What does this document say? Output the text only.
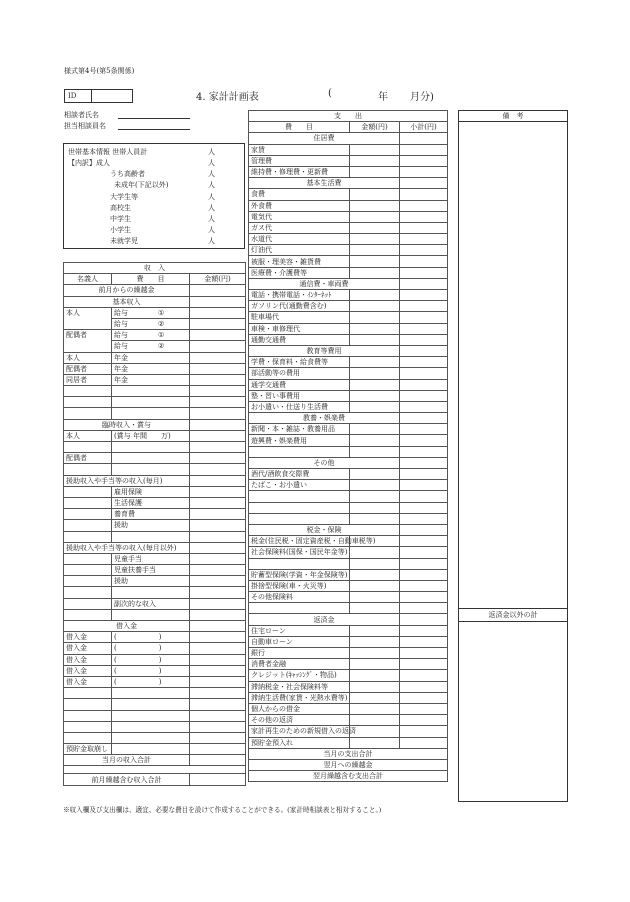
様式第4号(第5条関係)
ID	4. 家計計画表	(	年 月分)
相談者氏名
担当相談員名
世帯基本情報 世帯人員計	人
【内訳】成人	人
うち高齢者	人
未成年(下記以外)	人
大学生等	人
高校生	人
中学生	人
小学生	人
未就学児	人
収　入		
名義人	費　　目	金額(円)
前月からの繰越金		
基本収入		
本人	給与 ①	

	給与 ②	

配偶者	給与 ①	

	給与 ②	

本人	年金	
配偶者	年金	
同居者	年金	

臨時収入・賞与		
本人	(賞与 年間　　万)	

配偶者		

援助収入や手当等の収入(毎月)		
	雇用保険	
	生活保護	
	養育費	
	援助	

援助収入や手当等の収入(毎月以外)		
	児童手当	
	児童扶養手当	
	援助	

	副次的な収入	

借入金		
借入金	(　　　　　　)	
借入金	(　　　　　　)	
借入金	(　　　　　　)	
借入金	(　　　　　　)	
借入金	(　　　　　　)	

預貯金取崩し		
当月の収入合計		

前月繰越含む収入合計		
支　　出		
費　　目	金額(円)	小計(円)
住居費		
家賃		
管理費		
維持費・修理費・更新費		
基本生活費		
食費		
外食費		
電気代		
ガス代		
水道代		
灯油代		
被服・理美容・雑貨費		
医療費・介護費等		
通信費・車両費		
電話・携帯電話・ｲﾝﾀｰﾈｯﾄ		
ガソリン代(通勤費含む)		
駐車場代		
車検・車修理代		
通勤交通費		
教育等費用		
学費・保育料・給食費等		
部活動等の費用		
通学交通費		
塾・習い事費用		
お小遣い・仕送り生活費		
教養・娯楽費		
新聞・本・雑誌・教養用品		
遊興費・娯楽費用		

その他		
酒代/酒飲食交際費		
たばこ・お小遣い		

税金・保険		
税金(住民税・固定資産税・自動車税等)		
社会保険料(国保・国民年金等)		

貯蓄型保険(学資・年金保険等)		
掛捨型保険(車・火災等)		
その他保険料		

返済金		
住宅ローン		
自動車ローン		
銀行		
消費者金融		
クレジット(ｷｬｯｼﾝｸﾞ・物品)		
滞納税金・社会保険料等		
滞納生活費(家賃・光熱水費等)		
個人からの借金		
その他の返済		
家計再生のための新規借入の返済		
預貯金預入れ		
当月の支出合計		
翌月への繰越金		
翌月繰越含む支出合計		
備　考
返済金以外の計
※収入欄及び支出欄は、適宜、必要な費目を設けて作成することができる。(家計時相談表と相対すること。)
